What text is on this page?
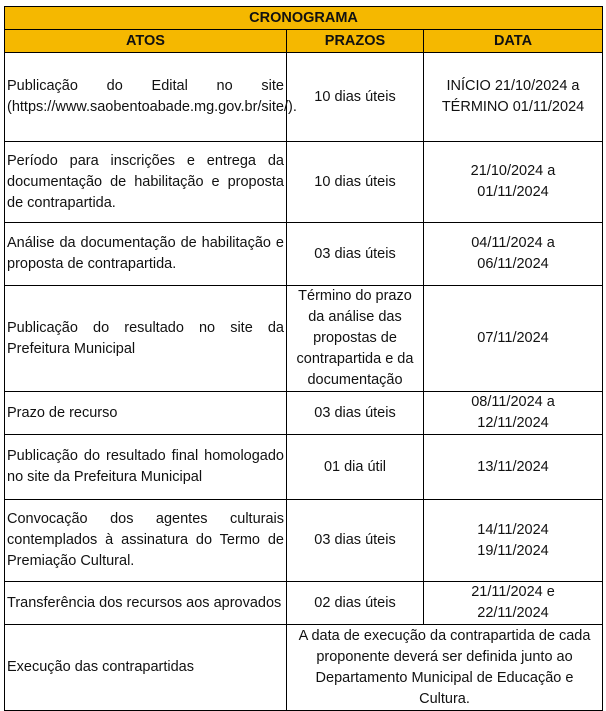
CRONOGRAMA		
ATOS	PRAZOS	DATA
Publicação do Edital no site (https://www.saobentoabade.mg.gov.br/site/).	10 dias úteis	INÍCIO 21/10/2024 a
TÉRMINO 01/11/2024

Período para inscrições e entrega da documentação de habilitação e proposta de contrapartida.	10 dias úteis	21/10/2024 a
01/11/2024

Análise da documentação de habilitação e proposta de contrapartida.	03 dias úteis	04/11/2024 a
06/11/2024

Publicação do resultado no site da Prefeitura Municipal	Término do prazo da análise das propostas de contrapartida e da documentação	07/11/2024

Prazo de recurso	03 dias úteis	08/11/2024 a
12/11/2024

Publicação do resultado final homologado no site da Prefeitura Municipal	01 dia útil	13/11/2024

Convocação dos agentes culturais contemplados à assinatura do Termo de Premiação Cultural.	03 dias úteis	14/11/2024
19/11/2024

Transferência dos recursos aos aprovados	02 dias úteis	21/11/2024 e
22/11/2024

Execução das contrapartidas	A data de execução da contrapartida de cada proponente deverá ser definida junto ao Departamento Municipal de Educação e Cultura.	
